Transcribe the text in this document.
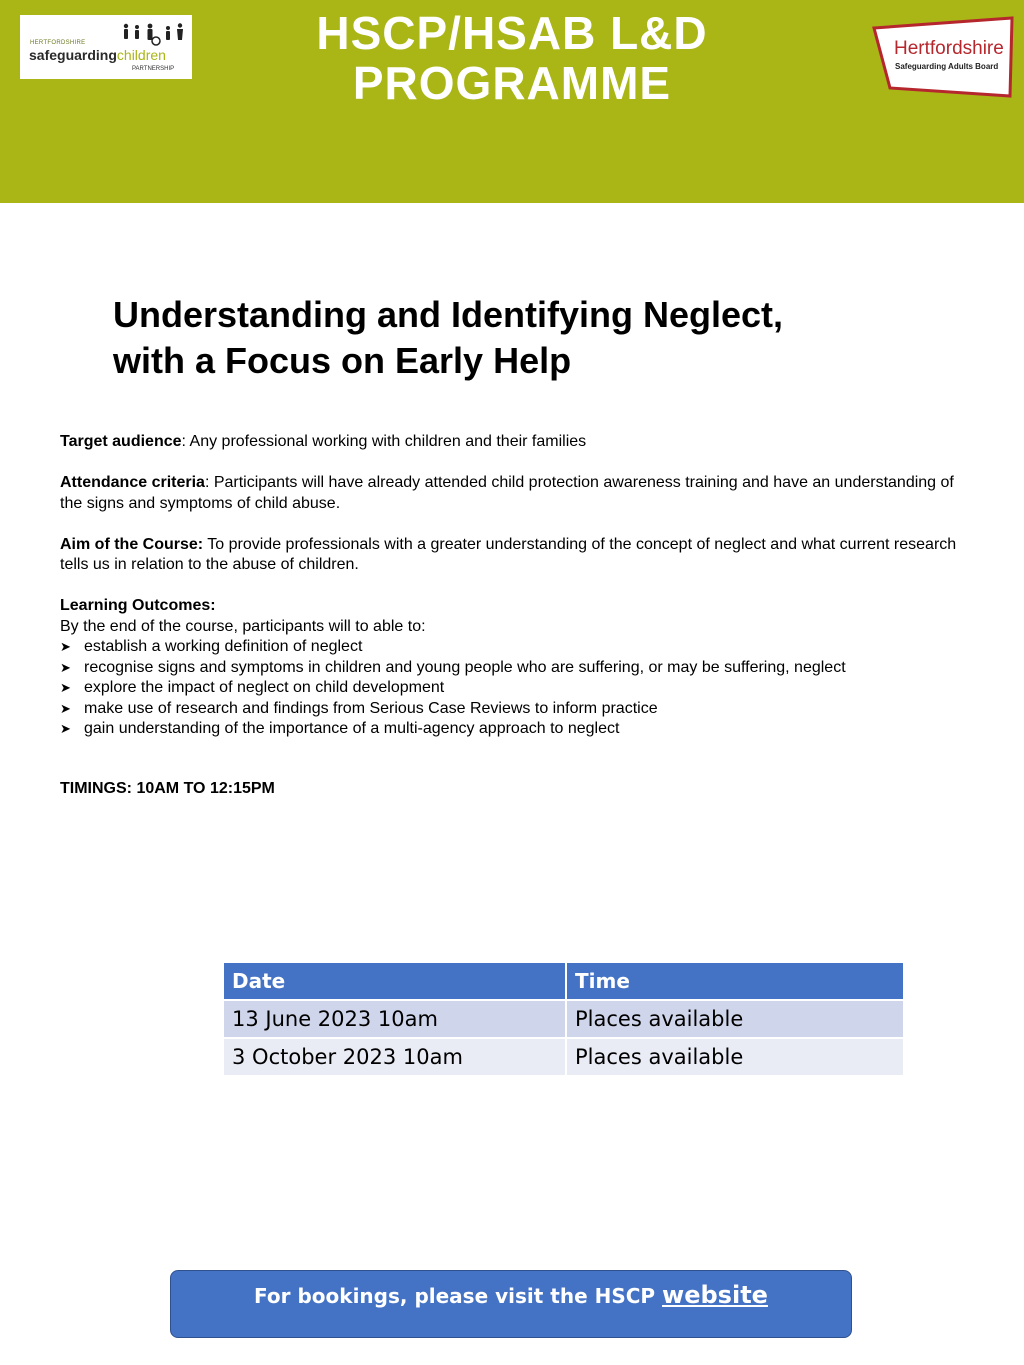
HERTFORDSHIRE
safeguardingchildren
PARTNERSHIP
HSCP/HSAB L&D
PROGRAMME
Hertfordshire
Safeguarding Adults Board
Understanding and Identifying Neglect,
with a Focus on Early Help

Target audience: Any professional working with children and their families

Attendance criteria: Participants will have already attended child protection awareness training and have an understanding of the signs and symptoms of child abuse.

Aim of the Course: To provide professionals with a greater understanding of the concept of neglect and what current research tells us in relation to the abuse of children.

Learning Outcomes:
By the end of the course, participants will to able to:
➤ establish a working definition of neglect
➤ recognise signs and symptoms in children and young people who are suffering, or may be suffering, neglect
➤ explore the impact of neglect on child development
➤ make use of research and findings from Serious Case Reviews to inform practice
➤ gain understanding of the importance of a multi-agency approach to neglect
TIMINGS: 10AM TO 12:15PM
Date	Time
13 June 2023 10am	Places available
3 October 2023 10am	Places available
For bookings, please visit the HSCP website
